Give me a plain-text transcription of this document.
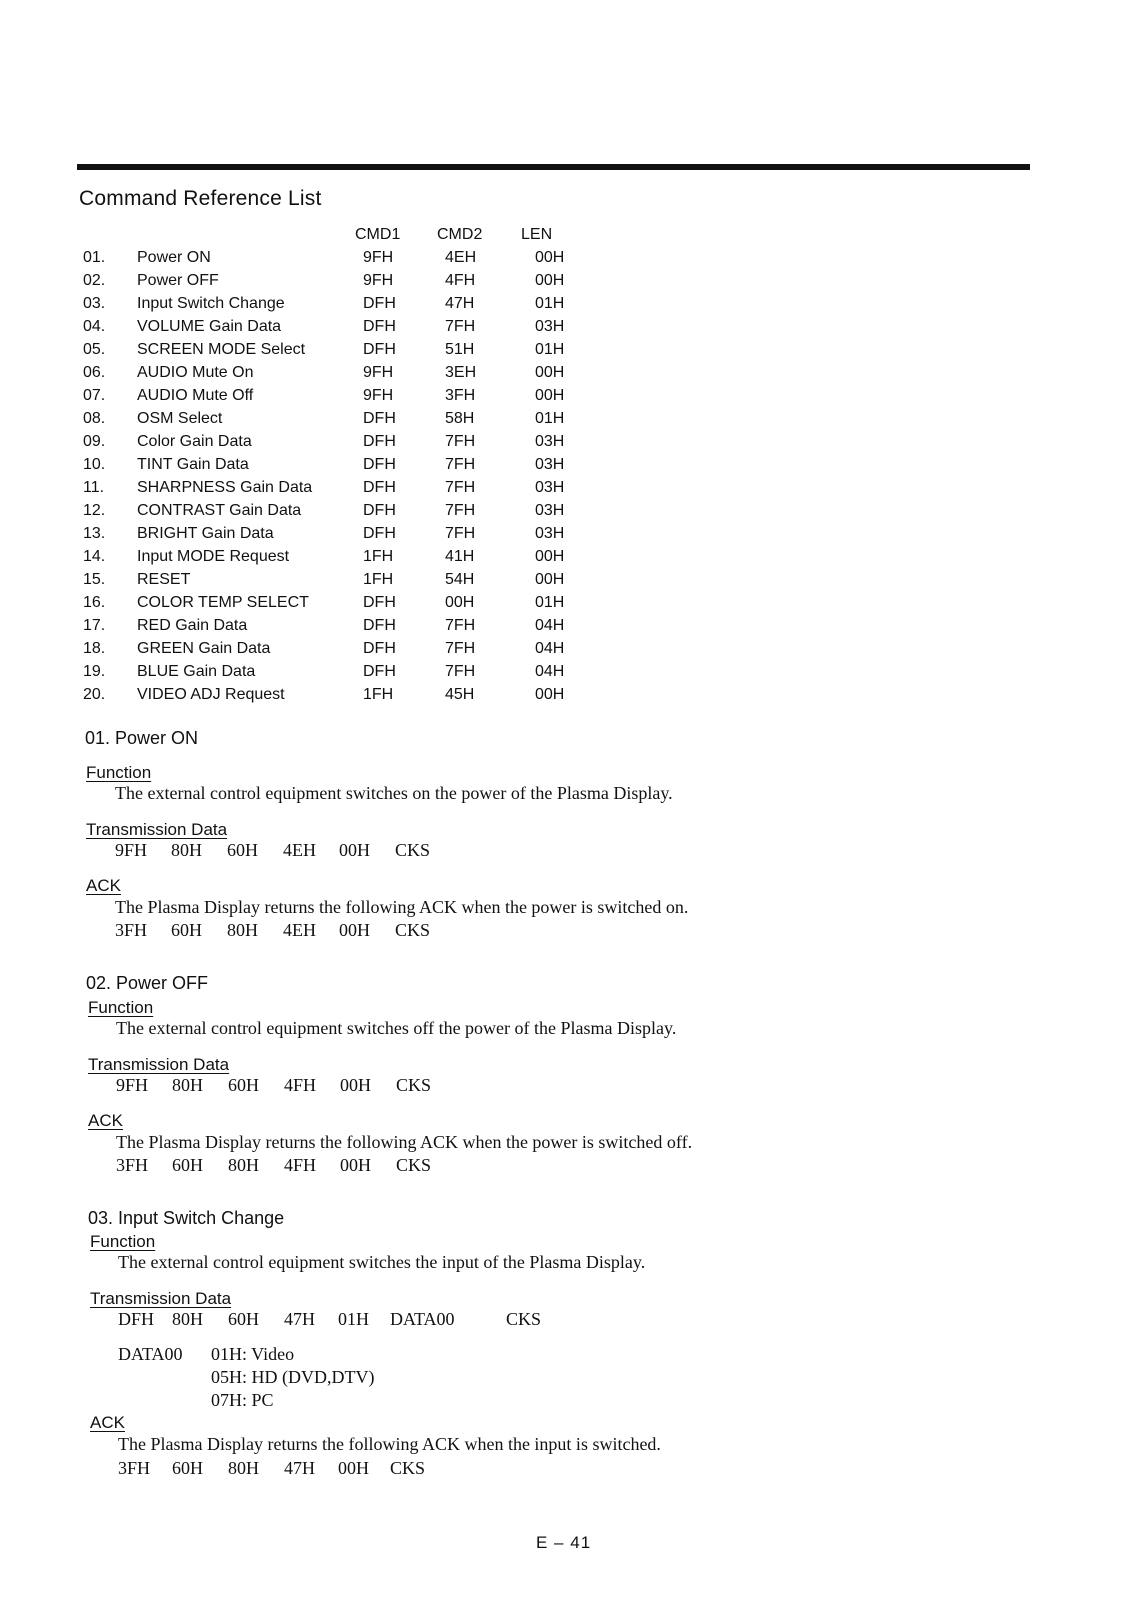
Command Reference List
CMD1 CMD2 LEN
01. Power ON	9FH	4EH	00H
02. Power OFF	9FH	4FH	00H
03. Input Switch Change	DFH	47H	01H
04. VOLUME Gain Data	DFH	7FH	03H
05. SCREEN MODE Select	DFH	51H	01H
06. AUDIO Mute On	9FH	3EH	00H
07. AUDIO Mute Off	9FH	3FH	00H
08. OSM Select	DFH	58H	01H
09. Color Gain Data	DFH	7FH	03H
10. TINT Gain Data	DFH	7FH	03H
11. SHARPNESS Gain Data	DFH	7FH	03H
12. CONTRAST Gain Data	DFH	7FH	03H
13. BRIGHT Gain Data	DFH	7FH	03H
14. Input MODE Request	1FH	41H	00H
15. RESET	1FH	54H	00H
16. COLOR TEMP SELECT	DFH	00H	01H
17. RED Gain Data	DFH	7FH	04H
18. GREEN Gain Data	DFH	7FH	04H
19. BLUE Gain Data	DFH	7FH	04H
20. VIDEO ADJ Request	1FH	45H	00H
01. Power ON
Function
The external control equipment switches on the power of the Plasma Display.
Transmission Data
9FH 80H 60H 4EH 00H CKS
ACK
The Plasma Display returns the following ACK when the power is switched on.
3FH 60H 80H 4EH 00H CKS
02. Power OFF
Function
The external control equipment switches off the power of the Plasma Display.
Transmission Data
9FH 80H 60H 4FH 00H CKS
ACK
The Plasma Display returns the following ACK when the power is switched off.
3FH 60H 80H 4FH 00H CKS
03. Input Switch Change
Function
The external control equipment switches the input of the Plasma Display.
Transmission Data
DFH 80H 60H 47H 01H DATA00	CKS
DATA00 01H: Video
05H: HD (DVD,DTV)
07H: PC
ACK
The Plasma Display returns the following ACK when the input is switched.
3FH 60H 80H 47H 00H CKS
E – 41
